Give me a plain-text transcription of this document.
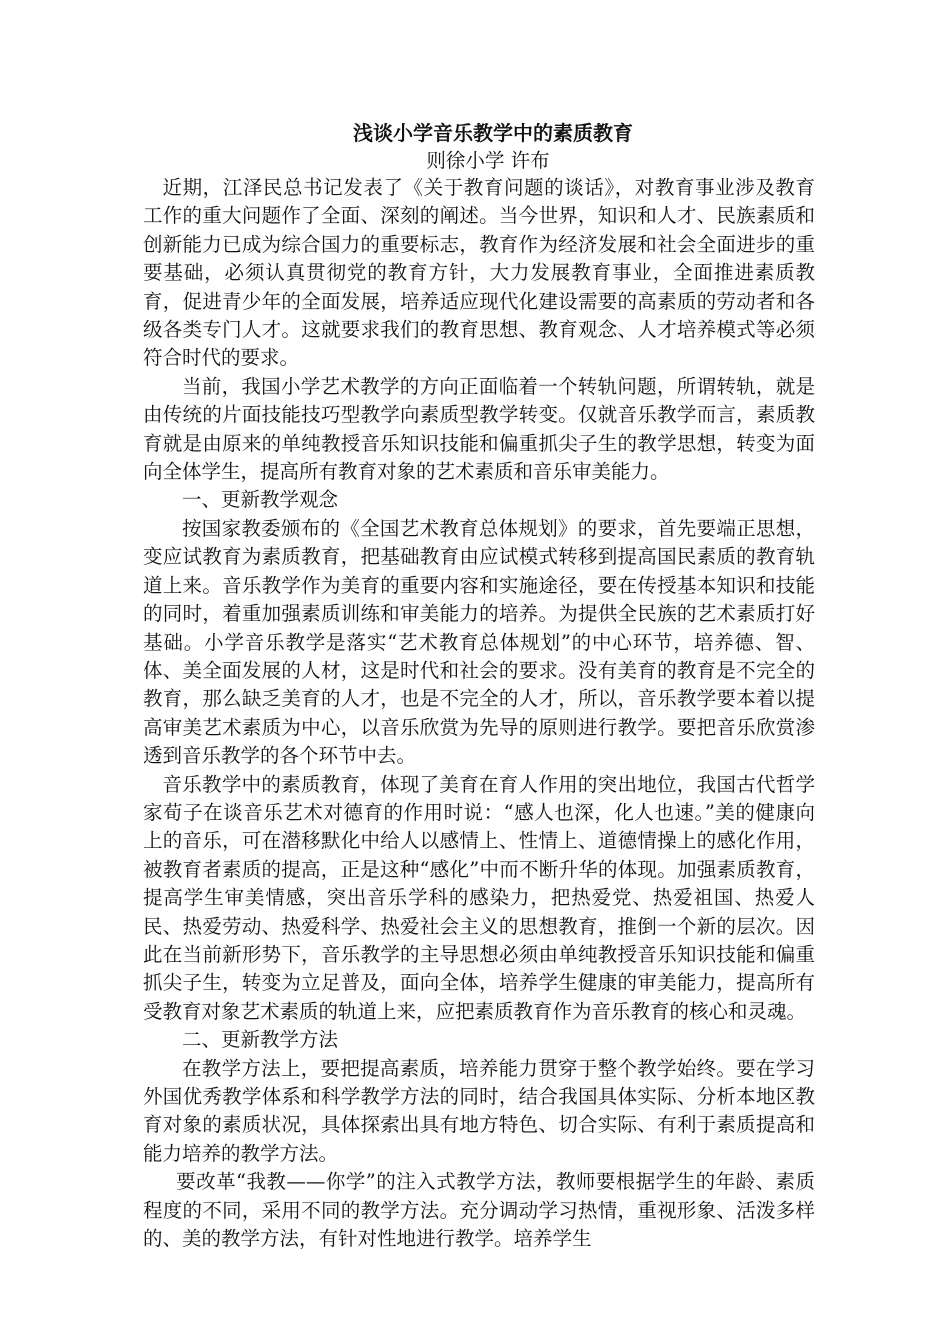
浅谈小学音乐教学中的素质教育
则徐小学 许布

近期，江泽民总书记发表了《关于教育问题的谈话》，对教育事业涉及教育工作的重大问题作了全面、深刻的阐述。当今世界，知识和人才、民族素质和创新能力已成为综合国力的重要标志，教育作为经济发展和社会全面进步的重要基础，必须认真贯彻党的教育方针，大力发展教育事业，全面推进素质教育，促进青少年的全面发展，培养适应现代化建设需要的高素质的劳动者和各级各类专门人才。这就要求我们的教育思想、教育观念、人才培养模式等必须符合时代的要求。

当前，我国小学艺术教学的方向正面临着一个转轨问题，所谓转轨，就是由传统的片面技能技巧型教学向素质型教学转变。仅就音乐教学而言，素质教育就是由原来的单纯教授音乐知识技能和偏重抓尖子生的教学思想，转变为面向全体学生，提高所有教育对象的艺术素质和音乐审美能力。

一、更新教学观念

按国家教委颁布的《全国艺术教育总体规划》的要求，首先要端正思想，变应试教育为素质教育，把基础教育由应试模式转移到提高国民素质的教育轨道上来。音乐教学作为美育的重要内容和实施途径，要在传授基本知识和技能的同时，着重加强素质训练和审美能力的培养。为提供全民族的艺术素质打好基础。小学音乐教学是落实“艺术教育总体规划”的中心环节，培养德、智、体、美全面发展的人材，这是时代和社会的要求。没有美育的教育是不完全的教育，那么缺乏美育的人才，也是不完全的人才，所以，音乐教学要本着以提高审美艺术素质为中心，以音乐欣赏为先导的原则进行教学。要把音乐欣赏渗透到音乐教学的各个环节中去。

音乐教学中的素质教育，体现了美育在育人作用的突出地位，我国古代哲学家荀子在谈音乐艺术对德育的作用时说：“感人也深，化人也速。”美的健康向上的音乐，可在潜移默化中给人以感情上、性情上、道德情操上的感化作用，被教育者素质的提高，正是这种“感化”中而不断升华的体现。加强素质教育，提高学生审美情感，突出音乐学科的感染力，把热爱党、热爱祖国、热爱人民、热爱劳动、热爱科学、热爱社会主义的思想教育，推倒一个新的层次。因此在当前新形势下，音乐教学的主导思想必须由单纯教授音乐知识技能和偏重抓尖子生，转变为立足普及，面向全体，培养学生健康的审美能力，提高所有受教育对象艺术素质的轨道上来，应把素质教育作为音乐教育的核心和灵魂。

二、更新教学方法

在教学方法上，要把提高素质，培养能力贯穿于整个教学始终。要在学习外国优秀教学体系和科学教学方法的同时，结合我国具体实际、分析本地区教育对象的素质状况，具体探索出具有地方特色、切合实际、有利于素质提高和能力培养的教学方法。

要改革“我教——你学”的注入式教学方法，教师要根据学生的年龄、素质程度的不同，采用不同的教学方法。充分调动学习热情，重视形象、活泼多样的、美的教学方法，有针对性地进行教学。培养学生
